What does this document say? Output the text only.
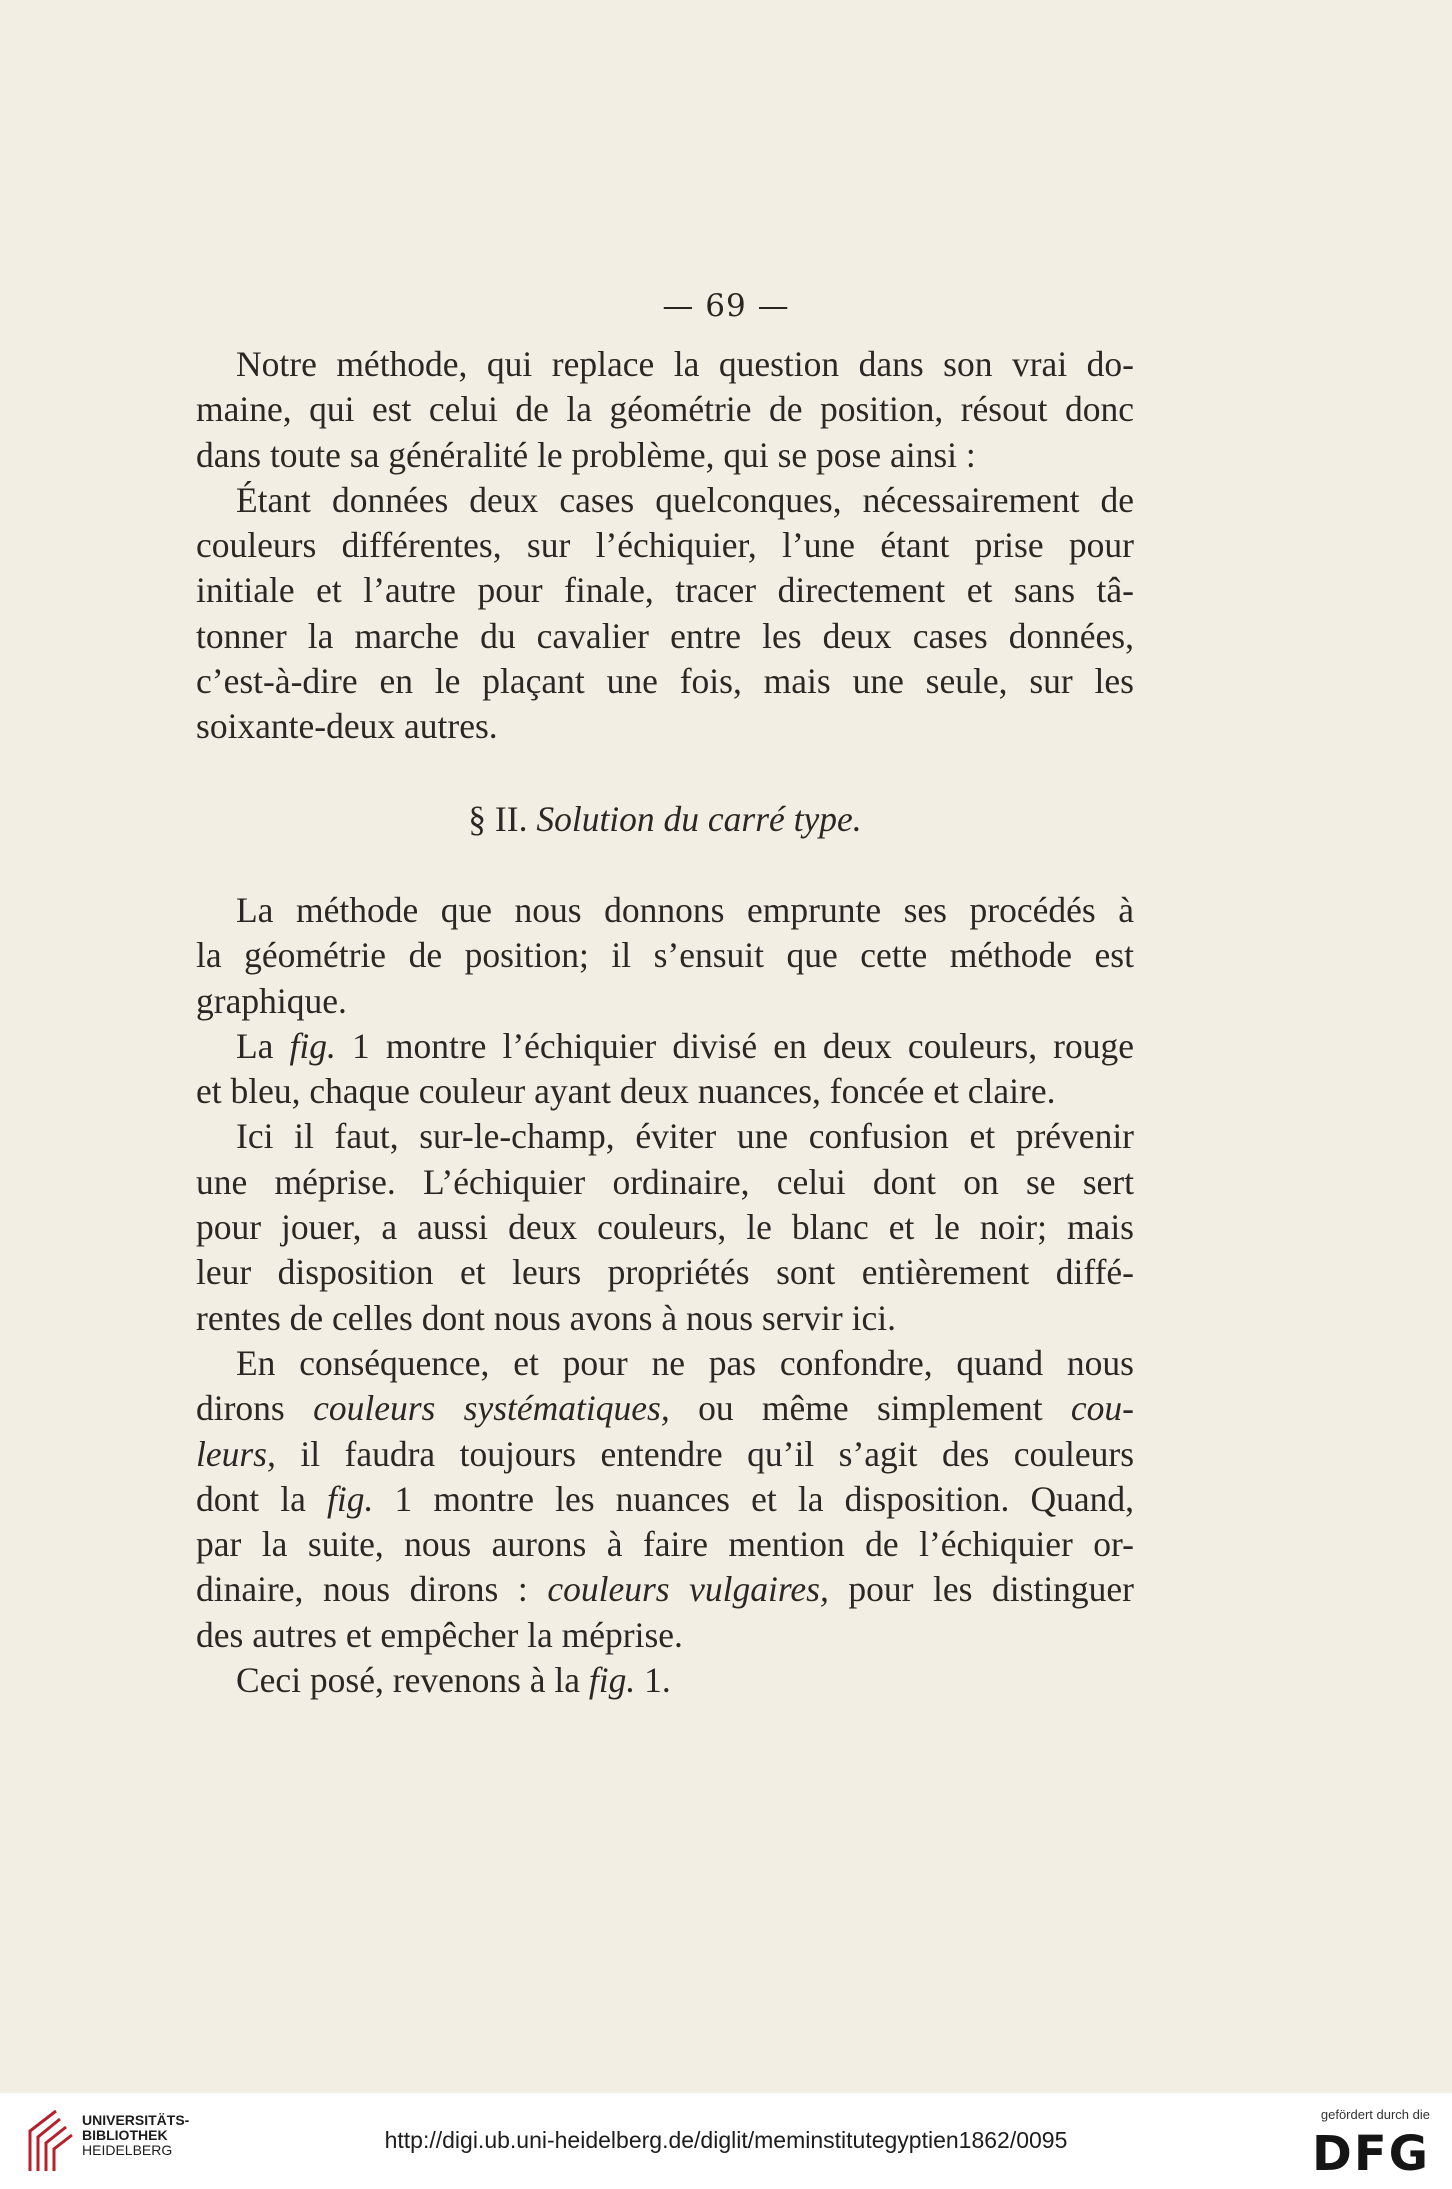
— 69 —
Notre méthode, qui replace la question dans son vrai do-
maine, qui est celui de la géométrie de position, résout donc
dans toute sa généralité le problème, qui se pose ainsi :
Étant données deux cases quelconques, nécessairement de
couleurs différentes, sur l’échiquier, l’une étant prise pour
initiale et l’autre pour finale, tracer directement et sans tâ-
tonner la marche du cavalier entre les deux cases données,
c’est-à-dire en le plaçant une fois, mais une seule, sur les
soixante-deux autres.
§ II. Solution du carré type.
La méthode que nous donnons emprunte ses procédés à
la géométrie de position; il s’ensuit que cette méthode est
graphique.
La fig. 1 montre l’échiquier divisé en deux couleurs, rouge
et bleu, chaque couleur ayant deux nuances, foncée et claire.
Ici il faut, sur-le-champ, éviter une confusion et prévenir
une méprise. L’échiquier ordinaire, celui dont on se sert
pour jouer, a aussi deux couleurs, le blanc et le noir; mais
leur disposition et leurs propriétés sont entièrement diffé-
rentes de celles dont nous avons à nous servir ici.
En conséquence, et pour ne pas confondre, quand nous
dirons couleurs systématiques, ou même simplement cou-
leurs, il faudra toujours entendre qu’il s’agit des couleurs
dont la fig. 1 montre les nuances et la disposition. Quand,
par la suite, nous aurons à faire mention de l’échiquier or-
dinaire, nous dirons : couleurs vulgaires, pour les distinguer
des autres et empêcher la méprise.
Ceci posé, revenons à la fig. 1.
UNIVERSITÄTS-
BIBLIOTHEK
HEIDELBERG	http://digi.ub.uni-heidelberg.de/diglit/meminstitutegyptien1862/0095
gefördert durch die
DFG
